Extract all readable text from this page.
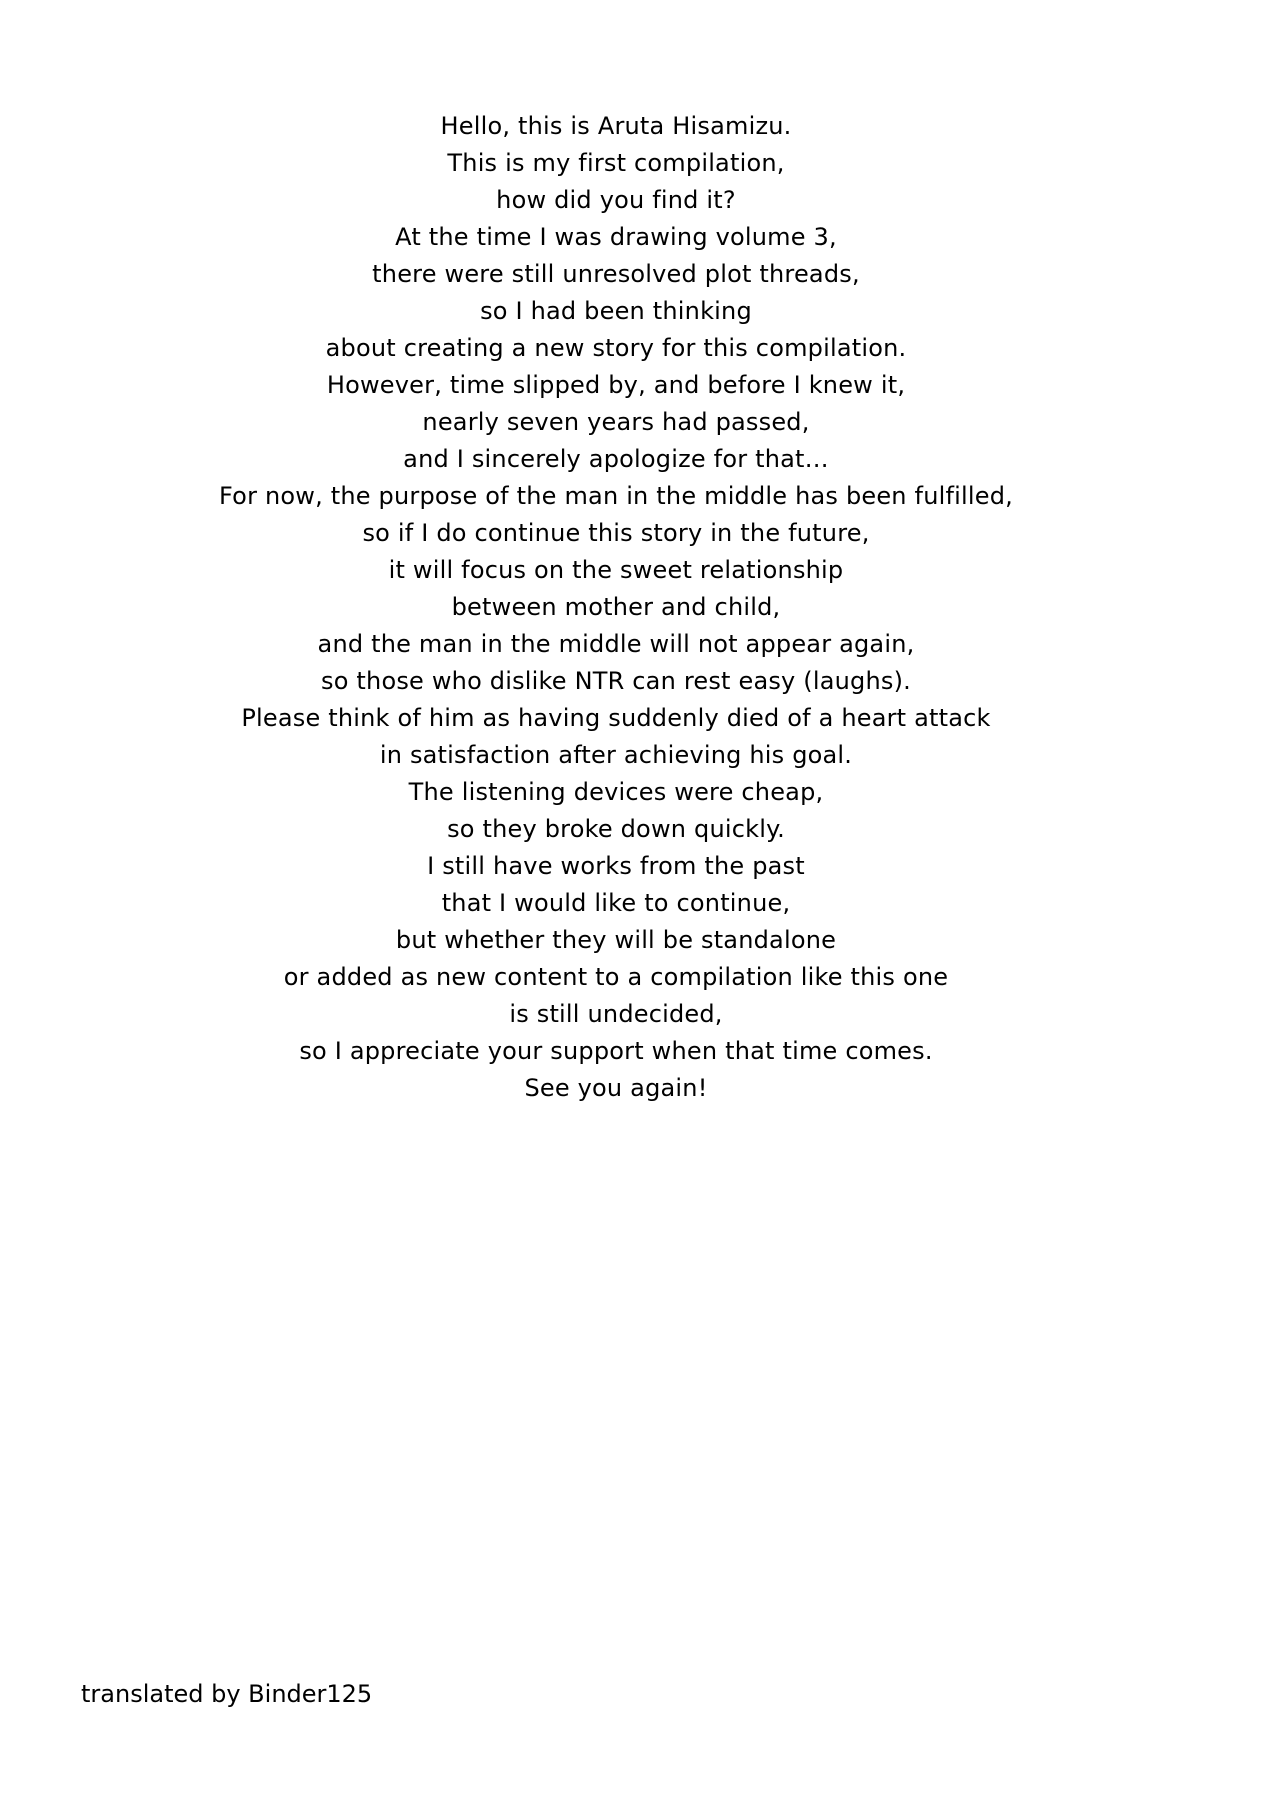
Hello, this is Aruta Hisamizu.
This is my first compilation,
how did you find it?
At the time I was drawing volume 3,
there were still unresolved plot threads,
so I had been thinking
about creating a new story for this compilation.
However, time slipped by, and before I knew it,
nearly seven years had passed,
and I sincerely apologize for that…
For now, the purpose of the man in the middle has been fulfilled,
so if I do continue this story in the future,
it will focus on the sweet relationship
between mother and child,
and the man in the middle will not appear again,
so those who dislike NTR can rest easy (laughs).
Please think of him as having suddenly died of a heart attack
in satisfaction after achieving his goal.
The listening devices were cheap,
so they broke down quickly.
I still have works from the past
that I would like to continue,
but whether they will be standalone
or added as new content to a compilation like this one
is still undecided,
so I appreciate your support when that time comes.
See you again!
translated by Binder125
